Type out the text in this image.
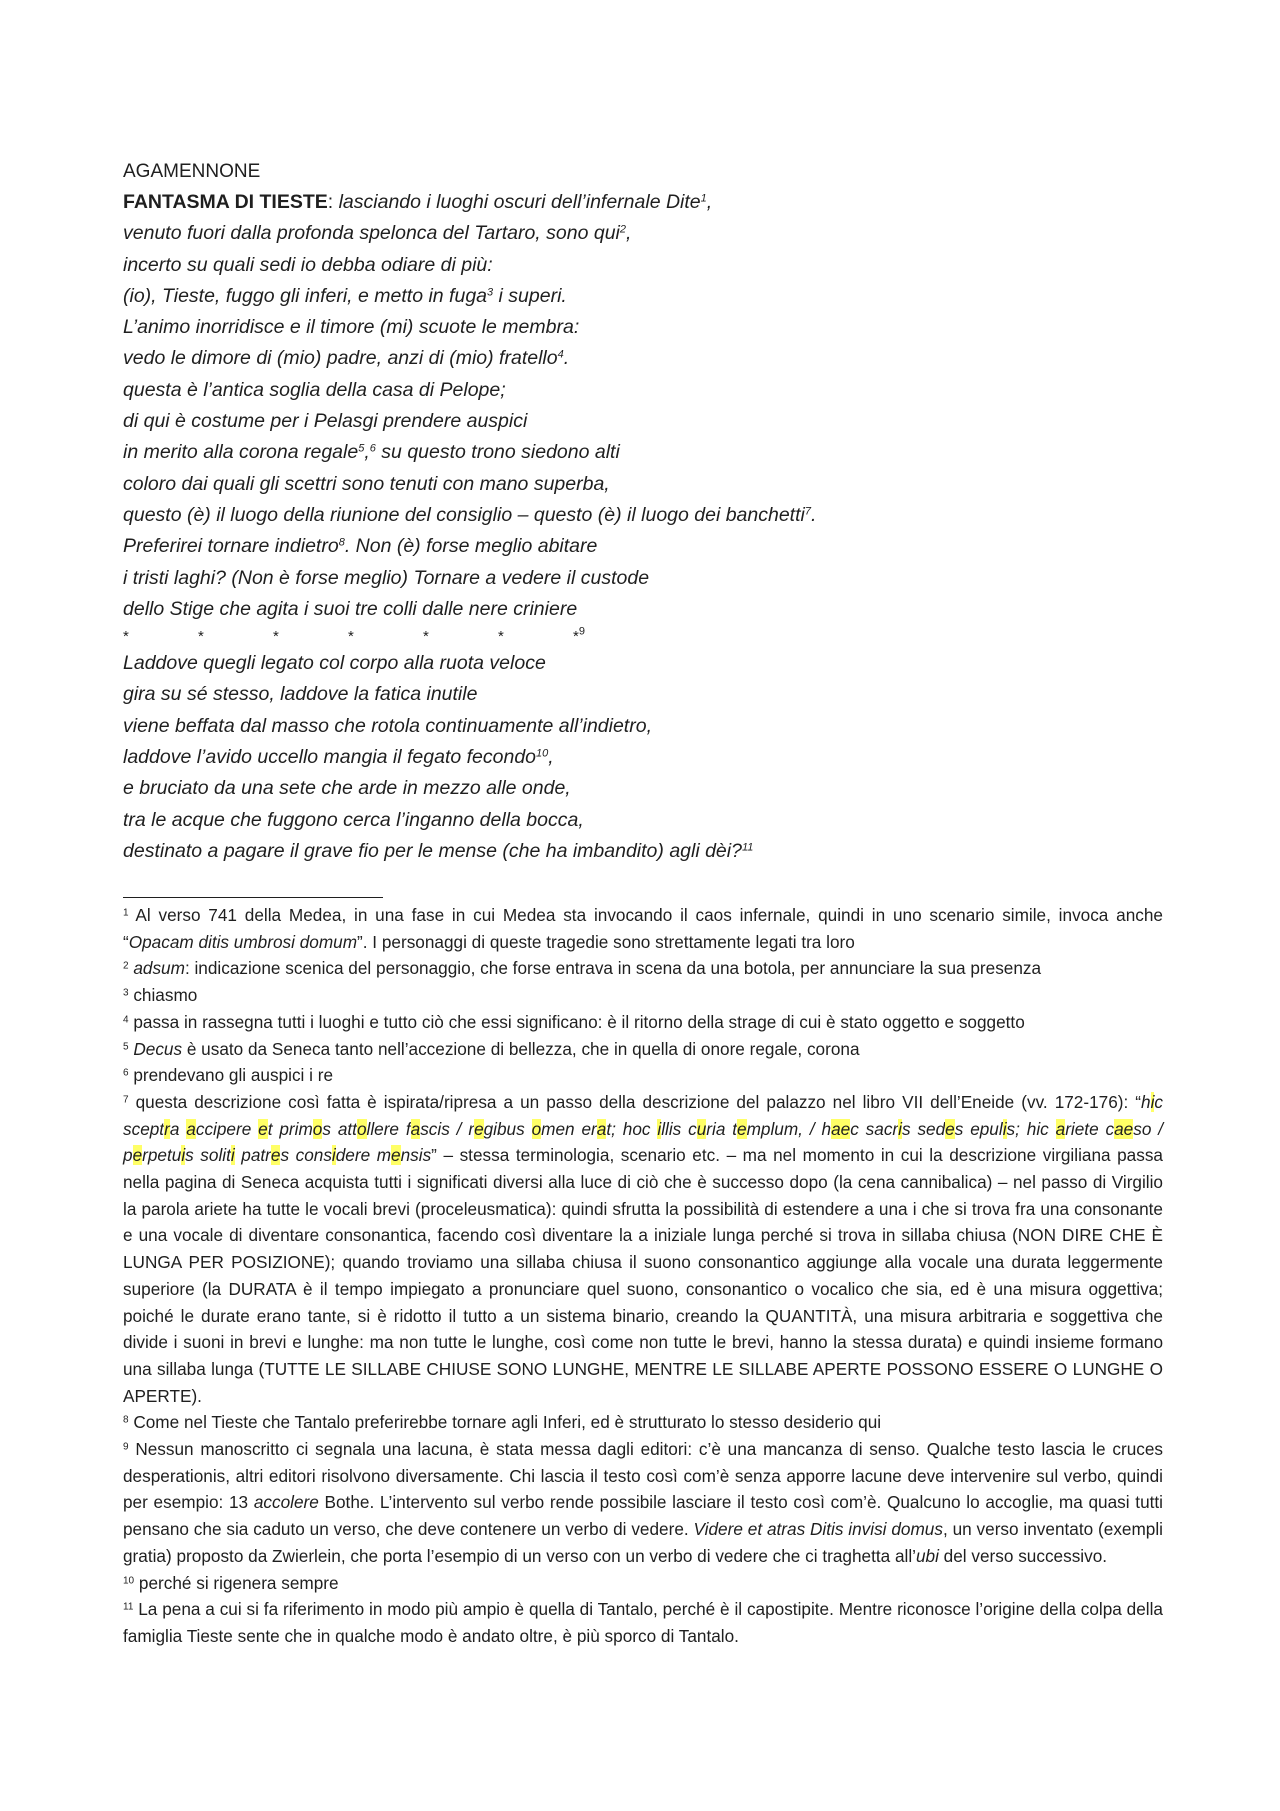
AGAMENNONE
FANTASMA DI TIESTE: lasciando i luoghi oscuri dell’infernale Dite$^1$,
venuto fuori dalla profonda spelonca del Tartaro, sono qui$^2$,
incerto su quali sedi io debba odiare di più:
(io), Tieste, fuggo gli inferi, e metto in fuga$^3$ i superi.
L’animo inorridisce e il timore (mi) scuote le membra:
vedo le dimore di (mio) padre, anzi di (mio) fratello$^4$.
questa è l’antica soglia della casa di Pelope;
di qui è costume per i Pelasgi prendere auspici
in merito alla corona regale$^5$,$^6$ su questo trono siedono alti
coloro dai quali gli scettri sono tenuti con mano superba,
questo (è) il luogo della riunione del consiglio – questo (è) il luogo dei banchetti$^7$.
Preferirei tornare indietro$^8$. Non (è) forse meglio abitare
i tristi laghi? (Non è forse meglio) Tornare a vedere il custode
dello Stige che agita i suoi tre colli dalle nere criniere
*	*	*	*	*	*	*$^9$
Laddove quegli legato col corpo alla ruota veloce
gira su sé stesso, laddove la fatica inutile
viene beffata dal masso che rotola continuamente all’indietro,
laddove l’avido uccello mangia il fegato fecondo$^{10}$,
e bruciato da una sete che arde in mezzo alle onde,
tra le acque che fuggono cerca l’inganno della bocca,
destinato a pagare il grave fio per le mense (che ha imbandito) agli dèi?$^{11}$

$^1$ Al verso 741 della Medea, in una fase in cui Medea sta invocando il caos infernale, quindi in uno scenario simile, invoca anche “Opacam ditis umbrosi domum”. I personaggi di queste tragedie sono strettamente legati tra loro

$^2$ adsum: indicazione scenica del personaggio, che forse entrava in scena da una botola, per annunciare la sua presenza

$^3$ chiasmo

$^4$ passa in rassegna tutti i luoghi e tutto ciò che essi significano: è il ritorno della strage di cui è stato oggetto e soggetto

$^5$ Decus è usato da Seneca tanto nell’accezione di bellezza, che in quella di onore regale, corona

$^6$ prendevano gli auspici i re

$^7$ questa descrizione così fatta è ispirata/ripresa a un passo della descrizione del palazzo nel libro VII dell’Eneide (vv. 172-176): “hic sceptra accipere et primos attollere fascis / regibus omen erat; hoc illis curia templum, / haec sacris sedes epulis; hic ariete caeso / perpetuis soliti patres considere mensis” – stessa terminologia, scenario etc. – ma nel momento in cui la descrizione virgiliana passa nella pagina di Seneca acquista tutti i significati diversi alla luce di ciò che è successo dopo (la cena cannibalica) – nel passo di Virgilio la parola ariete ha tutte le vocali brevi (proceleusmatica): quindi sfrutta la possibilità di estendere a una i che si trova fra una consonante e una vocale di diventare consonantica, facendo così diventare la a iniziale lunga perché si trova in sillaba chiusa (NON DIRE CHE È LUNGA PER POSIZIONE); quando troviamo una sillaba chiusa il suono consonantico aggiunge alla vocale una durata leggermente superiore (la DURATA è il tempo impiegato a pronunciare quel suono, consonantico o vocalico che sia, ed è una misura oggettiva; poiché le durate erano tante, si è ridotto il tutto a un sistema binario, creando la QUANTITÀ, una misura arbitraria e soggettiva che divide i suoni in brevi e lunghe: ma non tutte le lunghe, così come non tutte le brevi, hanno la stessa durata) e quindi insieme formano una sillaba lunga (TUTTE LE SILLABE CHIUSE SONO LUNGHE, MENTRE LE SILLABE APERTE POSSONO ESSERE O LUNGHE O APERTE).

$^8$ Come nel Tieste che Tantalo preferirebbe tornare agli Inferi, ed è strutturato lo stesso desiderio qui

$^9$ Nessun manoscritto ci segnala una lacuna, è stata messa dagli editori: c’è una mancanza di senso. Qualche testo lascia le cruces desperationis, altri editori risolvono diversamente. Chi lascia il testo così com’è senza apporre lacune deve intervenire sul verbo, quindi per esempio: 13 accolere Bothe. L’intervento sul verbo rende possibile lasciare il testo così com’è. Qualcuno lo accoglie, ma quasi tutti pensano che sia caduto un verso, che deve contenere un verbo di vedere. Videre et atras Ditis invisi domus, un verso inventato (exempli gratia) proposto da Zwierlein, che porta l’esempio di un verso con un verbo di vedere che ci traghetta all’ubi del verso successivo.

$^{10}$ perché si rigenera sempre

$^{11}$ La pena a cui si fa riferimento in modo più ampio è quella di Tantalo, perché è il capostipite. Mentre riconosce l’origine della colpa della famiglia Tieste sente che in qualche modo è andato oltre, è più sporco di Tantalo.
